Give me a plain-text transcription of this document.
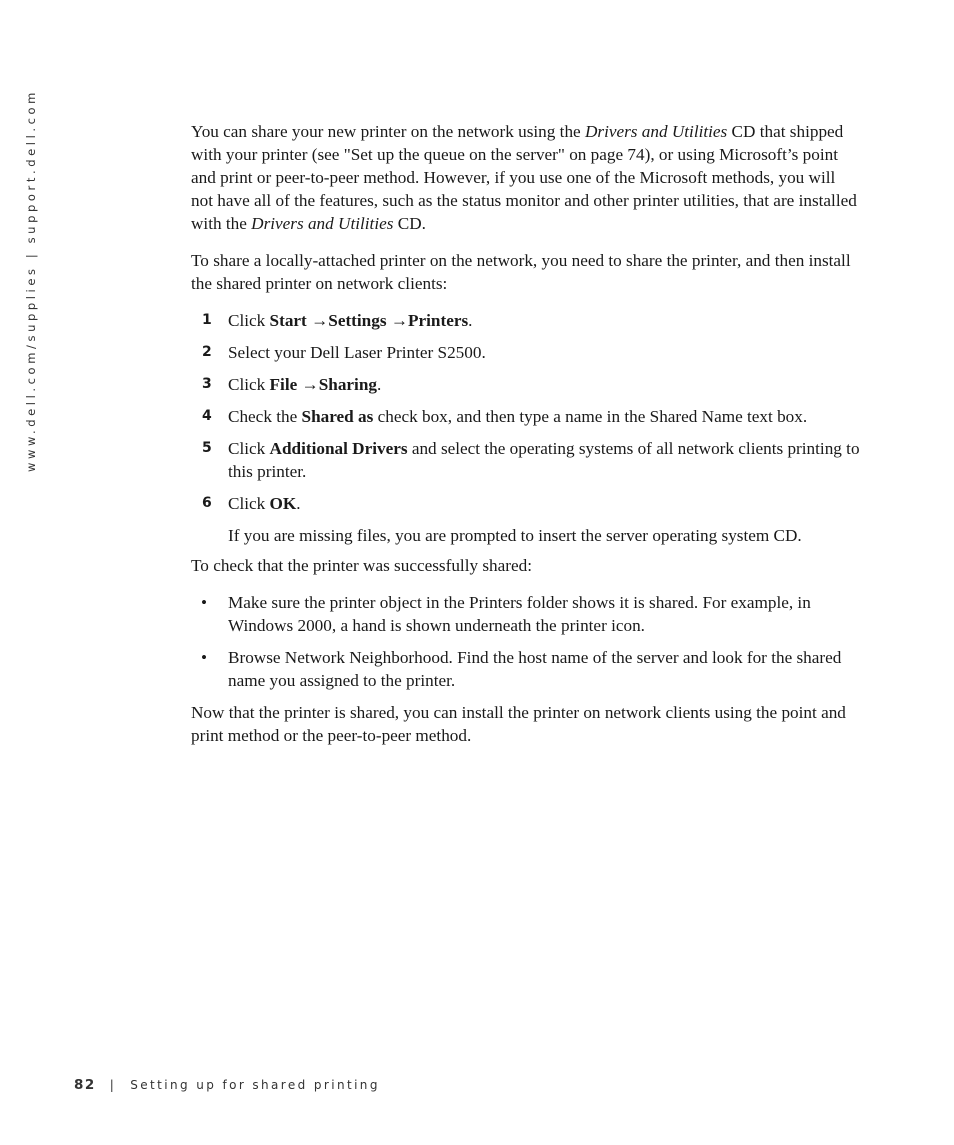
www.dell.com/supplies | support.dell.com	You can share your new printer on the network using the Drivers and Utilities CD that shipped with your printer (see "Set up the queue on the server" on page 74), or using Microsoft’s point and print or peer-to-peer method. However, if you use one of the Microsoft methods, you will not have all of the features, such as the status monitor and other printer utilities, that are installed with the Drivers and Utilities CD.

To share a locally-attached printer on the network, you need to share the printer, and then install the shared printer on network clients:

1 Click Start →Settings →Printers.
2 Select your Dell Laser Printer S2500.
3 Click File →Sharing.
4 Check the Shared as check box, and then type a name in the Shared Name text box.
5 Click Additional Drivers and select the operating systems of all network clients printing to this printer.
6 Click OK.

If you are missing files, you are prompted to insert the server operating system CD.

To check that the printer was successfully shared:

• Make sure the printer object in the Printers folder shows it is shared. For example, in Windows 2000, a hand is shown underneath the printer icon.
• Browse Network Neighborhood. Find the host name of the server and look for the shared name you assigned to the printer.

Now that the printer is shared, you can install the printer on network clients using the point and print method or the peer-to-peer method.

82 | Setting up for shared printing
